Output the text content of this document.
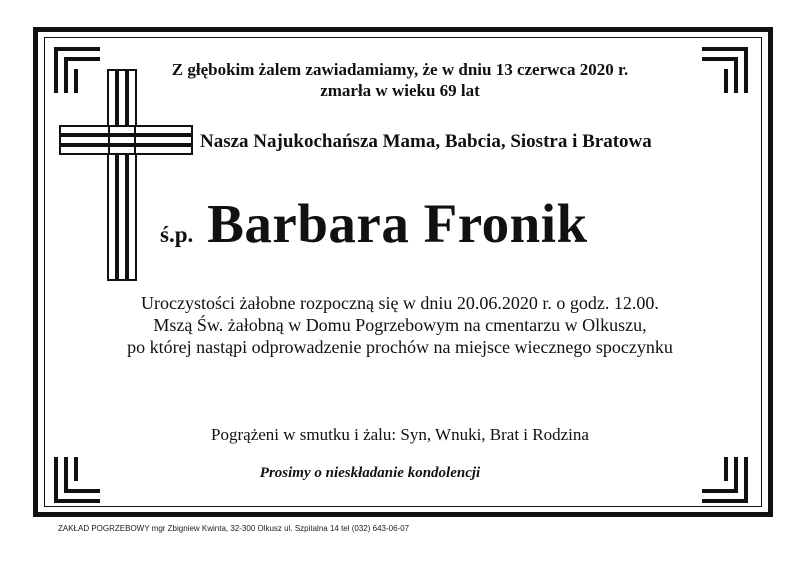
Z głębokim żalem zawiadamiamy, że w dniu 13 czerwca 2020 r.
zmarła w wieku 69 lat
Nasza Najukochańsza Mama, Babcia, Siostra i Bratowa
ś.p. Barbara Fronik
Uroczystości żałobne rozpoczną się w dniu 20.06.2020 r. o godz. 12.00.
Mszą Św. żałobną w Domu Pogrzebowym na cmentarzu w Olkuszu,
po której nastąpi odprowadzenie prochów na miejsce wiecznego spoczynku
Pogrążeni w smutku i żalu: Syn, Wnuki, Brat i Rodzina
Prosimy o nieskładanie kondolencji
ZAKŁAD POGRZEBOWY mgr Zbigniew Kwinta, 32-300 Olkusz ul. Szpitalna 14 tel (032) 643-06-07
